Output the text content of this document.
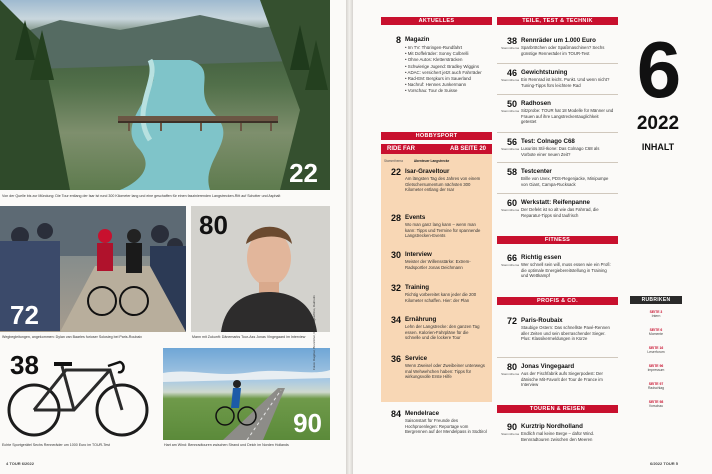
22
Von der Quelle bis zur Mündung: Die Tour entlang der Isar ist rund 300 Kilometer lang und eine geschaffen für einen faszinierenden Langstrecken-Ritt auf Schotter und Asphalt
72
Wegbegleitungen, angekommen: Dylan van Baarles furioser Solosieg bei Paris-Roubaix
80
Mann mit Zukunft: Dänemarks Tour-Ass Jonas Vingegaard im Interview
38
Echte Sportgerätel Sechs Renneräder um 1000 Euro im TOUR-Test
90
Hart am Wind: Bennradtouren zwischen Strand und Deich im Norden Hollands
Fotos: Dagmar, Brunckner, Getty Images/Dino, Dalmolin
4 TOUR 6/2022
AKTUELLES
8 Magazin
• Im TV: Thüringen-Rundfahrt
• Mit Doffelräder: Sonny Colbrelli
• Ohne Autos: Klettersträcken
• Schwierige Jugend: Bradley Wiggins
• ADAC: versichert jetzt auch Fahrräder
• Rad-EM: Bergkurs im Sauerland
• Nachruf: Hennes Junkermann
• Vorschau: Tour de Suisse
HOBBYSPORT
RIDE FAR	AB SEITE 20
Stammthema	Abenteuer Langstrecke
22 Isar-Graveltour
Am längsten Tag des Jahres von einem Gletschersumentum nächsten 300 Kilometer entlang der Isar
28 Events
Wo man ganz lang kann – wenn man kann: Tipps und Termine für spannende Langstrecken-Events
30 Interview
Meister der Willensstärke: Extrem-Radsportler Jonas Deichmann
32 Training
Richtig vorbereitet kann jeder die 200 Kilometer schaffen. Hier: der Plan
34 Ernährung
Lehn der Langstrecke: den ganzen Tag essen. Kalorien-Fahrpläne für die schnelle und die lockere Tour
36 Service
Wenn Zweisel oder Zweibeiner unterwegs mal Wehwehchen haben: Tipps für wirkungsvolle Erste Hilfe
84 Mendelrace
Saisonstart für Freunde des Hochproenlegen: Reportage vom Bergrennen auf der Mendelpass in Südtirol
TEILE, TEST & TECHNIK
38
Stammthema
Rennräder um 1.000 Euro
Sparbrötchen oder Spaßmaschinen? Sechs günstige Renneräder im TOUR-Test
46
Stammthema
Gewichtstuning
Ein Rennrad ist leicht. Punkt. Und wenn nicht? Tuning-Tipps fürs leichtere Rad
50
Stammthema
Radhosen
Sitzprobe: TOUR hat 18 Modelle für Männer und Frauen auf ihre Langstreckentauglichkeit getestet
56
Stammthema
Test: Colnago C68
Luxuriös Stil-Ikone: Das Colnago C68 als Vorbote einer neuen Zeit?
58 Testcenter
Brille von Uvex, PDS-Regenjacke, Minipumpe von Giant, Campa-Rucksack
60
Stammthema
Werkstatt: Reifenpanne
Der Defekt ist so alt wie das Fahrrad, die Reparatur-Tipps sind taufrisch
FITNESS
66
Stammthema
Richtig essen
Wer schnell sein will, muss essen wie ein Profi: die optimale Energiebereitstellung in Training und Wettkampf
PROFIS & CO.
72 Paris-Roubaix
Staubige Ostern: Das schnellste Pavé-Rennen aller Zeiten und sein überraschender Sieger. Plus: Klassikermeldungen in Kürze
80
Stammthema
Jonas Vingegaard
Aus der Fischfabrik aufs Siegerpodest: Der dänische Mit-Favorit der Tour de France im Interview
TOUREN & REISEN
90
Stammthema
Kurztrip Nordholland
Endlich mal keine Berge – dafür Wind. Bennradtouren zwischen den Meeren
6
2022
INHALT
RUBRIKEN
SEITE 3
Intern
SEITE 6
Momente
SEITE 16
Leserforum
SEITE 96
Impressum
SEITE 97
Radschlag
SEITE 98
Vorschau
6/2022 TOUR 5
